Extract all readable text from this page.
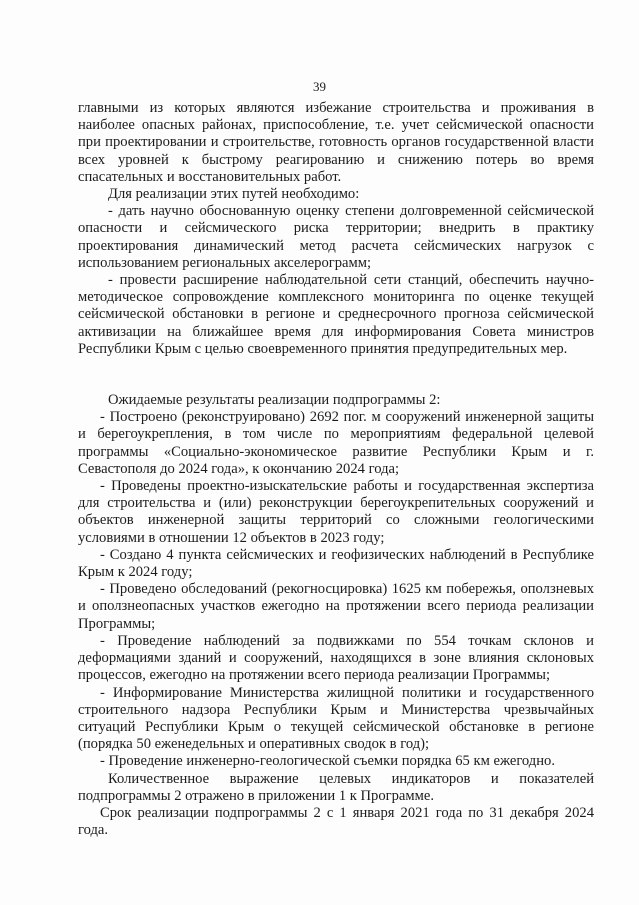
39

главными из которых являются избежание строительства и проживания в наиболее опасных районах, приспособление, т.е. учет сейсмической опасности при проектировании и строительстве, готовность органов государственной власти всех уровней к быстрому реагированию и снижению потерь во время спасательных и восстановительных работ.

Для реализации этих путей необходимо:

- дать научно обоснованную оценку степени долговременной сейсмической опасности и сейсмического риска территории; внедрить в практику проектирования динамический метод расчета сейсмических нагрузок с использованием региональных акселерограмм;

- провести расширение наблюдательной сети станций, обеспечить научно-методическое сопровождение комплексного мониторинга по оценке текущей сейсмической обстановки в регионе и среднесрочного прогноза сейсмической активизации на ближайшее время для информирования Совета министров Республики Крым с целью своевременного принятия предупредительных мер.

Ожидаемые результаты реализации подпрограммы 2:

- Построено (реконструировано) 2692 пог. м сооружений инженерной защиты и берегоукрепления, в том числе по мероприятиям федеральной целевой программы «Социально-экономическое развитие Республики Крым и г. Севастополя до 2024 года», к окончанию 2024 года;

- Проведены проектно-изыскательские работы и государственная экспертиза для строительства и (или) реконструкции берегоукрепительных сооружений и объектов инженерной защиты территорий со сложными геологическими условиями в отношении 12 объектов в 2023 году;

- Создано 4 пункта сейсмических и геофизических наблюдений в Республике Крым к 2024 году;

- Проведено обследований (рекогносцировка) 1625 км побережья, оползневых и оползнеопасных участков ежегодно на протяжении всего периода реализации Программы;

- Проведение наблюдений за подвижками по 554 точкам склонов и деформациями зданий и сооружений, находящихся в зоне влияния склоновых процессов, ежегодно на протяжении всего периода реализации Программы;

- Информирование Министерства жилищной политики и государственного строительного надзора Республики Крым и Министерства чрезвычайных ситуаций Республики Крым о текущей сейсмической обстановке в регионе (порядка 50 еженедельных и оперативных сводок в год);

- Проведение инженерно-геологической съемки порядка 65 км ежегодно.

Количественное выражение целевых индикаторов и показателей подпрограммы 2 отражено в приложении 1 к Программе.

Срок реализации подпрограммы 2 с 1 января 2021 года по 31 декабря 2024 года.
